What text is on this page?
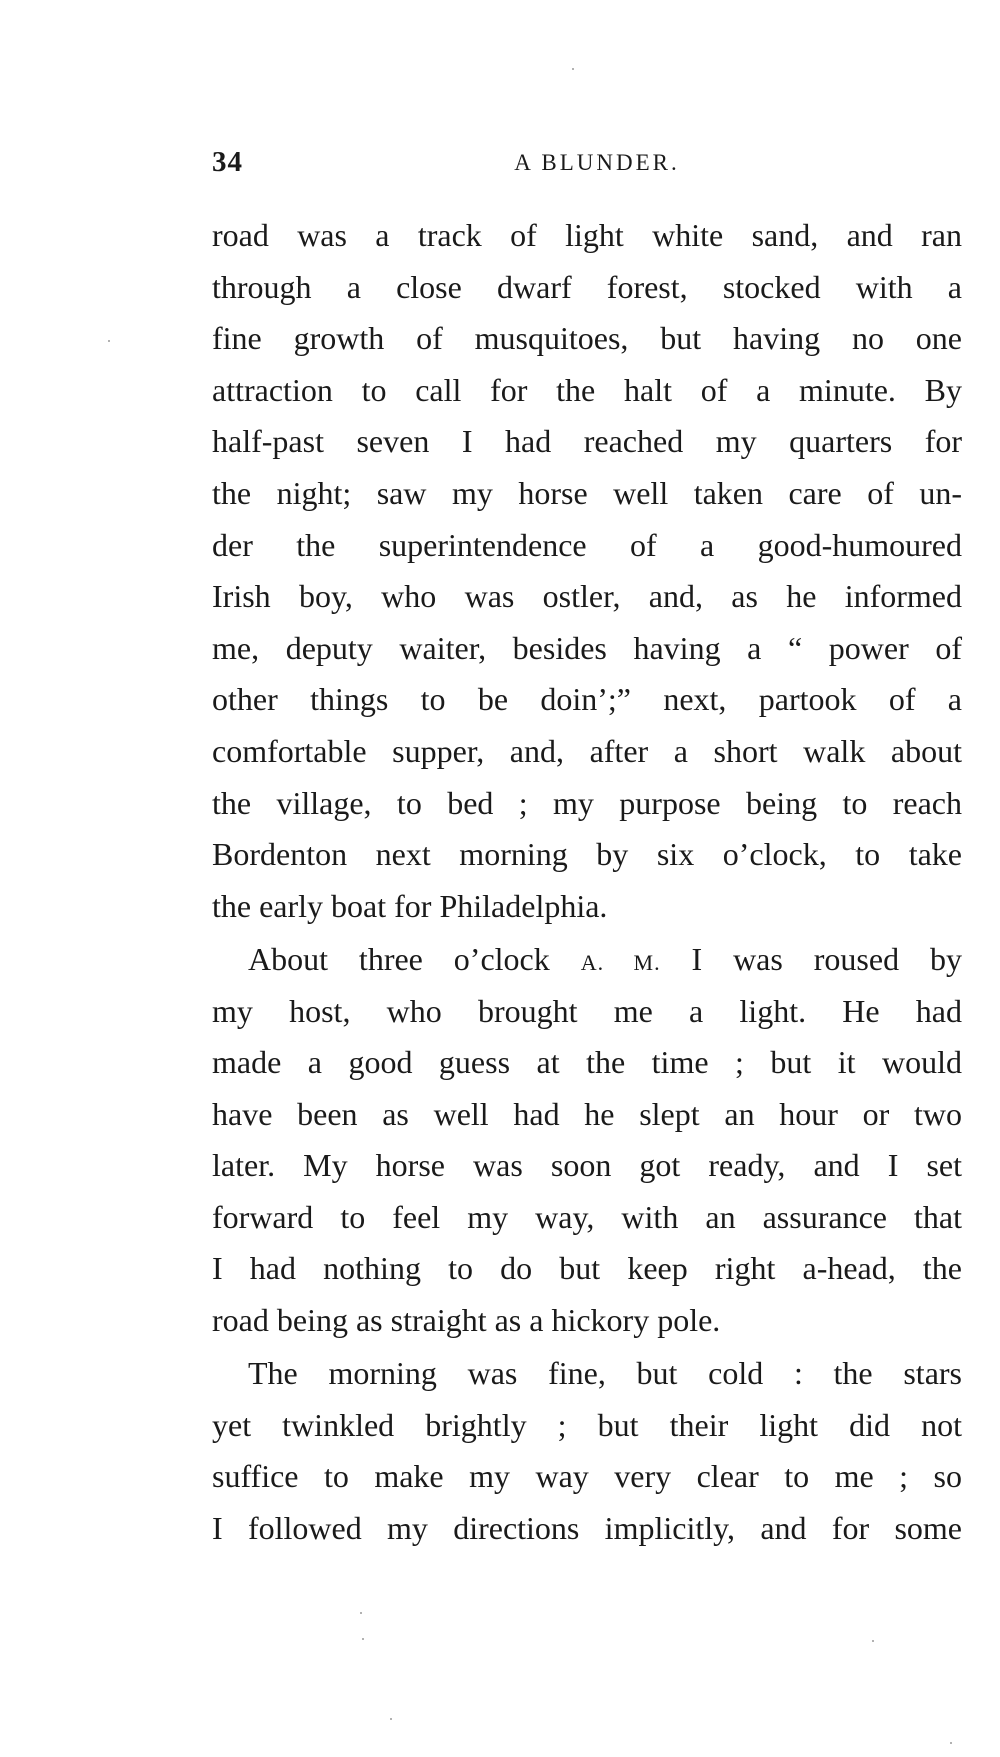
34	A BLUNDER.
road was a track of light white sand, and ran
through a close dwarf forest, stocked with a
fine growth of musquitoes, but having no one
attraction to call for the halt of a minute. By
half-past seven I had reached my quarters for
the night; saw my horse well taken care of un-
der the superintendence of a good-humoured
Irish boy, who was ostler, and, as he informed
me, deputy waiter, besides having a “ power of
other things to be doin’;” next, partook of a
comfortable supper, and, after a short walk about
the village, to bed ; my purpose being to reach
Bordenton next morning by six o’clock, to take
the early boat for Philadelphia.
About three o’clock A. M. I was roused by
my host, who brought me a light. He had
made a good guess at the time ; but it would
have been as well had he slept an hour or two
later. My horse was soon got ready, and I set
forward to feel my way, with an assurance that
I had nothing to do but keep right a-head, the
road being as straight as a hickory pole.
The morning was fine, but cold : the stars
yet twinkled brightly ; but their light did not
suffice to make my way very clear to me ; so
I followed my directions implicitly, and for some
